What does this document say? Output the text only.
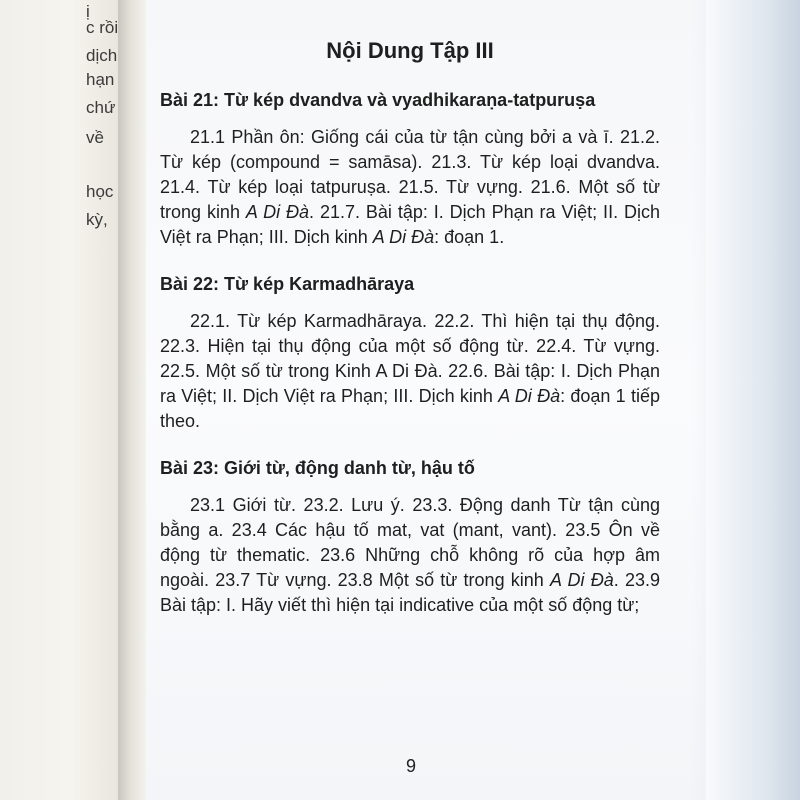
ị
c rồi
dịch
hạn
chứ
về
học
kỳ,
Nội Dung Tập III
Bài 21: Từ kép dvandva và vyadhikaraṇa-tatpuruṣa
21.1 Phần ôn: Giống cái của từ tận cùng bởi a và ī. 21.2. Từ kép (compound = samāsa). 21.3. Từ kép loại dvandva. 21.4. Từ kép loại tatpuruṣa. 21.5. Từ vựng. 21.6. Một số từ trong kinh A Di Đà. 21.7. Bài tập: I. Dịch Phạn ra Việt; II. Dịch Việt ra Phạn; III. Dịch kinh A Di Đà: đoạn 1.
Bài 22: Từ kép Karmadhāraya
22.1. Từ kép Karmadhāraya. 22.2. Thì hiện tại thụ động. 22.3. Hiện tại thụ động của một số động từ. 22.4. Từ vựng. 22.5. Một số từ trong Kinh A Di Đà. 22.6. Bài tập: I. Dịch Phạn ra Việt; II. Dịch Việt ra Phạn; III. Dịch kinh A Di Đà: đoạn 1 tiếp theo.
Bài 23: Giới từ, động danh từ, hậu tố
23.1 Giới từ. 23.2. Lưu ý. 23.3. Động danh Từ tận cùng bằng a. 23.4 Các hậu tố mat, vat (mant, vant). 23.5 Ôn về động từ thematic. 23.6 Những chỗ không rõ của hợp âm ngoài. 23.7 Từ vựng. 23.8 Một số từ trong kinh A Di Đà. 23.9 Bài tập: I. Hãy viết thì hiện tại indicative của một số động từ;
9
